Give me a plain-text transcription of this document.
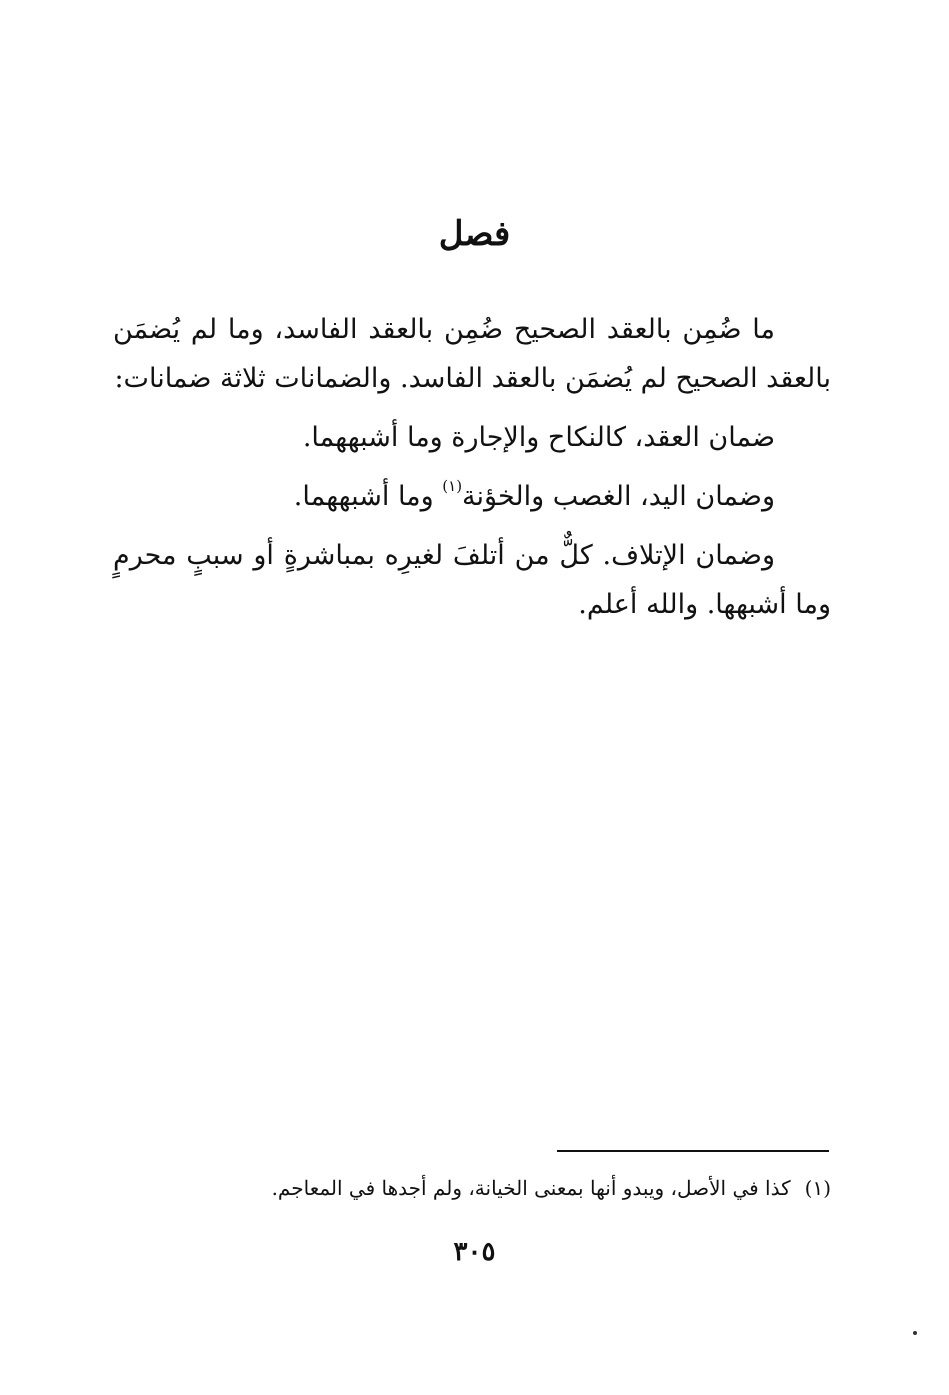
فصل

ما ضُمِن بالعقد الصحيح ضُمِن بالعقد الفاسد، وما لم يُضمَن بالعقد الصحيح لم يُضمَن بالعقد الفاسد. والضمانات ثلاثة ضمانات:

ضمان العقد، كالنكاح والإجارة وما أشبههما.

وضمان اليد، الغصب والخؤنة$^{(١)}$ وما أشبههما.

وضمان الإتلاف. كلٌّ من أتلفَ لغيرِه بمباشرةٍ أو سببٍ محرمٍ وما أشبهها. والله أعلم.

(١)كذا في الأصل، ويبدو أنها بمعنى الخيانة، ولم أجدها في المعاجم.
٣٠٥
